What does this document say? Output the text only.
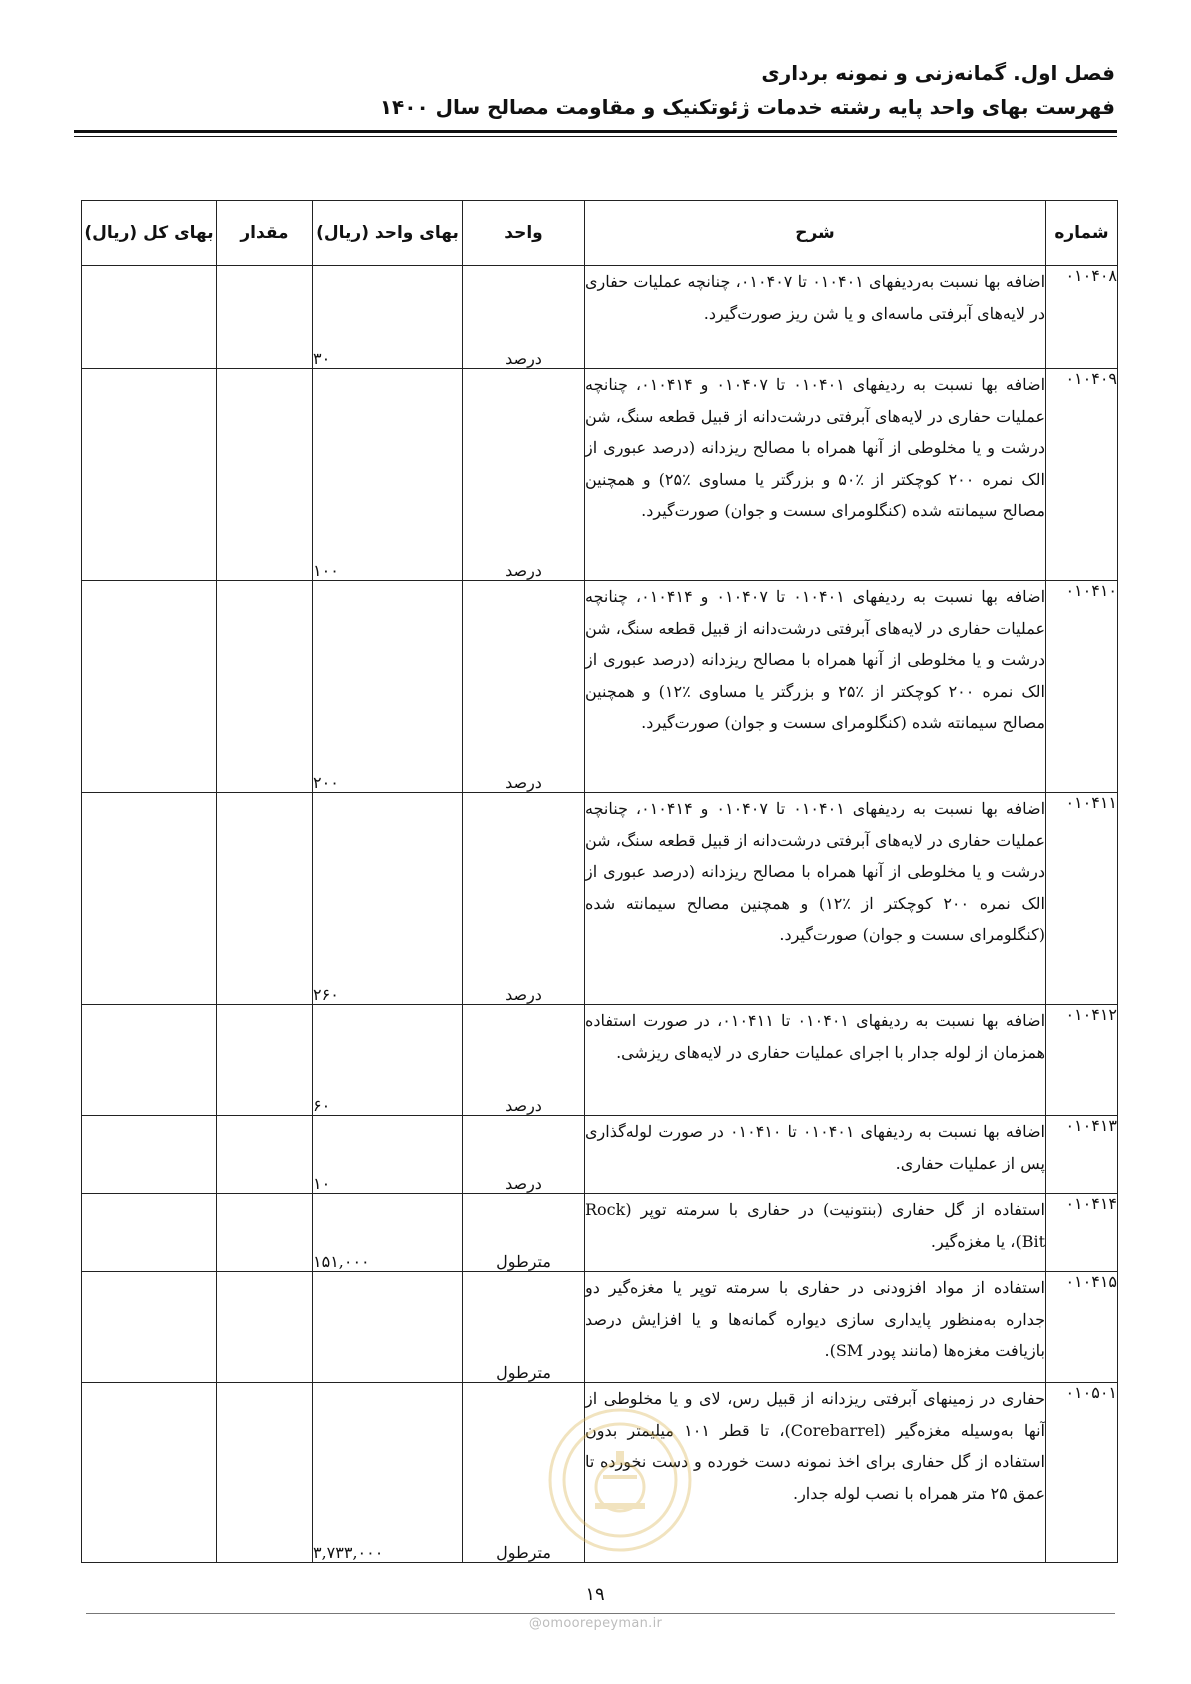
فصل اول. گمانه‌زنی و نمونه برداری
فهرست بهای واحد پایه رشته خدمات ژئوتکنیک و مقاومت مصالح سال ۱۴۰۰
شماره	شرح	واحد	بهای واحد (ریال)	مقدار	بهای کل (ریال)
۰۱۰۴۰۸	اضافه بها نسبت به‌ردیفهای ۰۱۰۴۰۱ تا ۰۱۰۴۰۷، چنانچه عملیات حفاری در لایه‌های آبرفتی ماسه‌ای و یا شن ریز صورت‌گیرد.	درصد	۳۰		
۰۱۰۴۰۹	اضافه بها نسبت به ردیفهای ۰۱۰۴۰۱ تا ۰۱۰۴۰۷ و ۰۱۰۴۱۴، چنانچه عملیات حفاری در لایه‌های آبرفتی درشت‌دانه از قبیل قطعه سنگ، شن درشت و یا مخلوطی از آنها همراه با مصالح ریزدانه (درصد عبوری از الک نمره ۲۰۰ کوچکتر از ٪۵۰ و بزرگتر یا مساوی ٪۲۵) و همچنین مصالح سیمانته شده (کنگلومرای سست و جوان) صورت‌گیرد.	درصد	۱۰۰		
۰۱۰۴۱۰	اضافه بها نسبت به ردیفهای ۰۱۰۴۰۱ تا ۰۱۰۴۰۷ و ۰۱۰۴۱۴، چنانچه عملیات حفاری در لایه‌های آبرفتی درشت‌دانه از قبیل قطعه سنگ، شن درشت و یا مخلوطی از آنها همراه با مصالح ریزدانه (درصد عبوری از الک نمره ۲۰۰ کوچکتر از ٪۲۵ و بزرگتر یا مساوی ٪۱۲) و همچنین مصالح سیمانته شده (کنگلومرای سست و جوان) صورت‌گیرد.	درصد	۲۰۰		
۰۱۰۴۱۱	اضافه بها نسبت به ردیفهای ۰۱۰۴۰۱ تا ۰۱۰۴۰۷ و ۰۱۰۴۱۴، چنانچه عملیات حفاری در لایه‌های آبرفتی درشت‌دانه از قبیل قطعه سنگ، شن درشت و یا مخلوطی از آنها همراه با مصالح ریزدانه (درصد عبوری از الک نمره ۲۰۰ کوچکتر از ٪۱۲) و همچنین مصالح سیمانته شده (کنگلومرای سست و جوان) صورت‌گیرد.	درصد	۲۶۰		
۰۱۰۴۱۲	اضافه بها نسبت به ردیفهای ۰۱۰۴۰۱ تا ۰۱۰۴۱۱، در صورت استفاده همزمان از لوله جدار با اجرای عملیات حفاری در لایه‌های ریزشی.	درصد	۶۰		
۰۱۰۴۱۳	اضافه بها نسبت به ردیفهای ۰۱۰۴۰۱ تا ۰۱۰۴۱۰ در صورت لوله‌گذاری پس از عملیات حفاری.	درصد	۱۰		
۰۱۰۴۱۴	استفاده از گل حفاری (بنتونیت) در حفاری با سرمته توپر (Rock Bit)، یا مغزه‌گیر.	مترطول	۱۵۱,۰۰۰		
۰۱۰۴۱۵	استفاده از مواد افزودنی در حفاری با سرمته توپر یا مغزه‌گیر دو جداره به‌منظور پایداری سازی دیواره گمانه‌ها و یا افزایش درصد بازیافت مغزه‌ها (مانند پودر SM).	مترطول			
۰۱۰۵۰۱	حفاری در زمینهای آبرفتی ریزدانه از قبیل رس، لای و یا مخلوطی از آنها به‌وسیله مغزه‌گیر (Corebarrel)، تا قطر ۱۰۱ میلیمتر بدون استفاده از گل حفاری برای اخذ نمونه دست خورده و دست نخورده تا عمق ۲۵ متر همراه با نصب لوله جدار.	مترطول	۳,۷۳۳,۰۰۰		
۱۹
@omoorepeyman.ir
